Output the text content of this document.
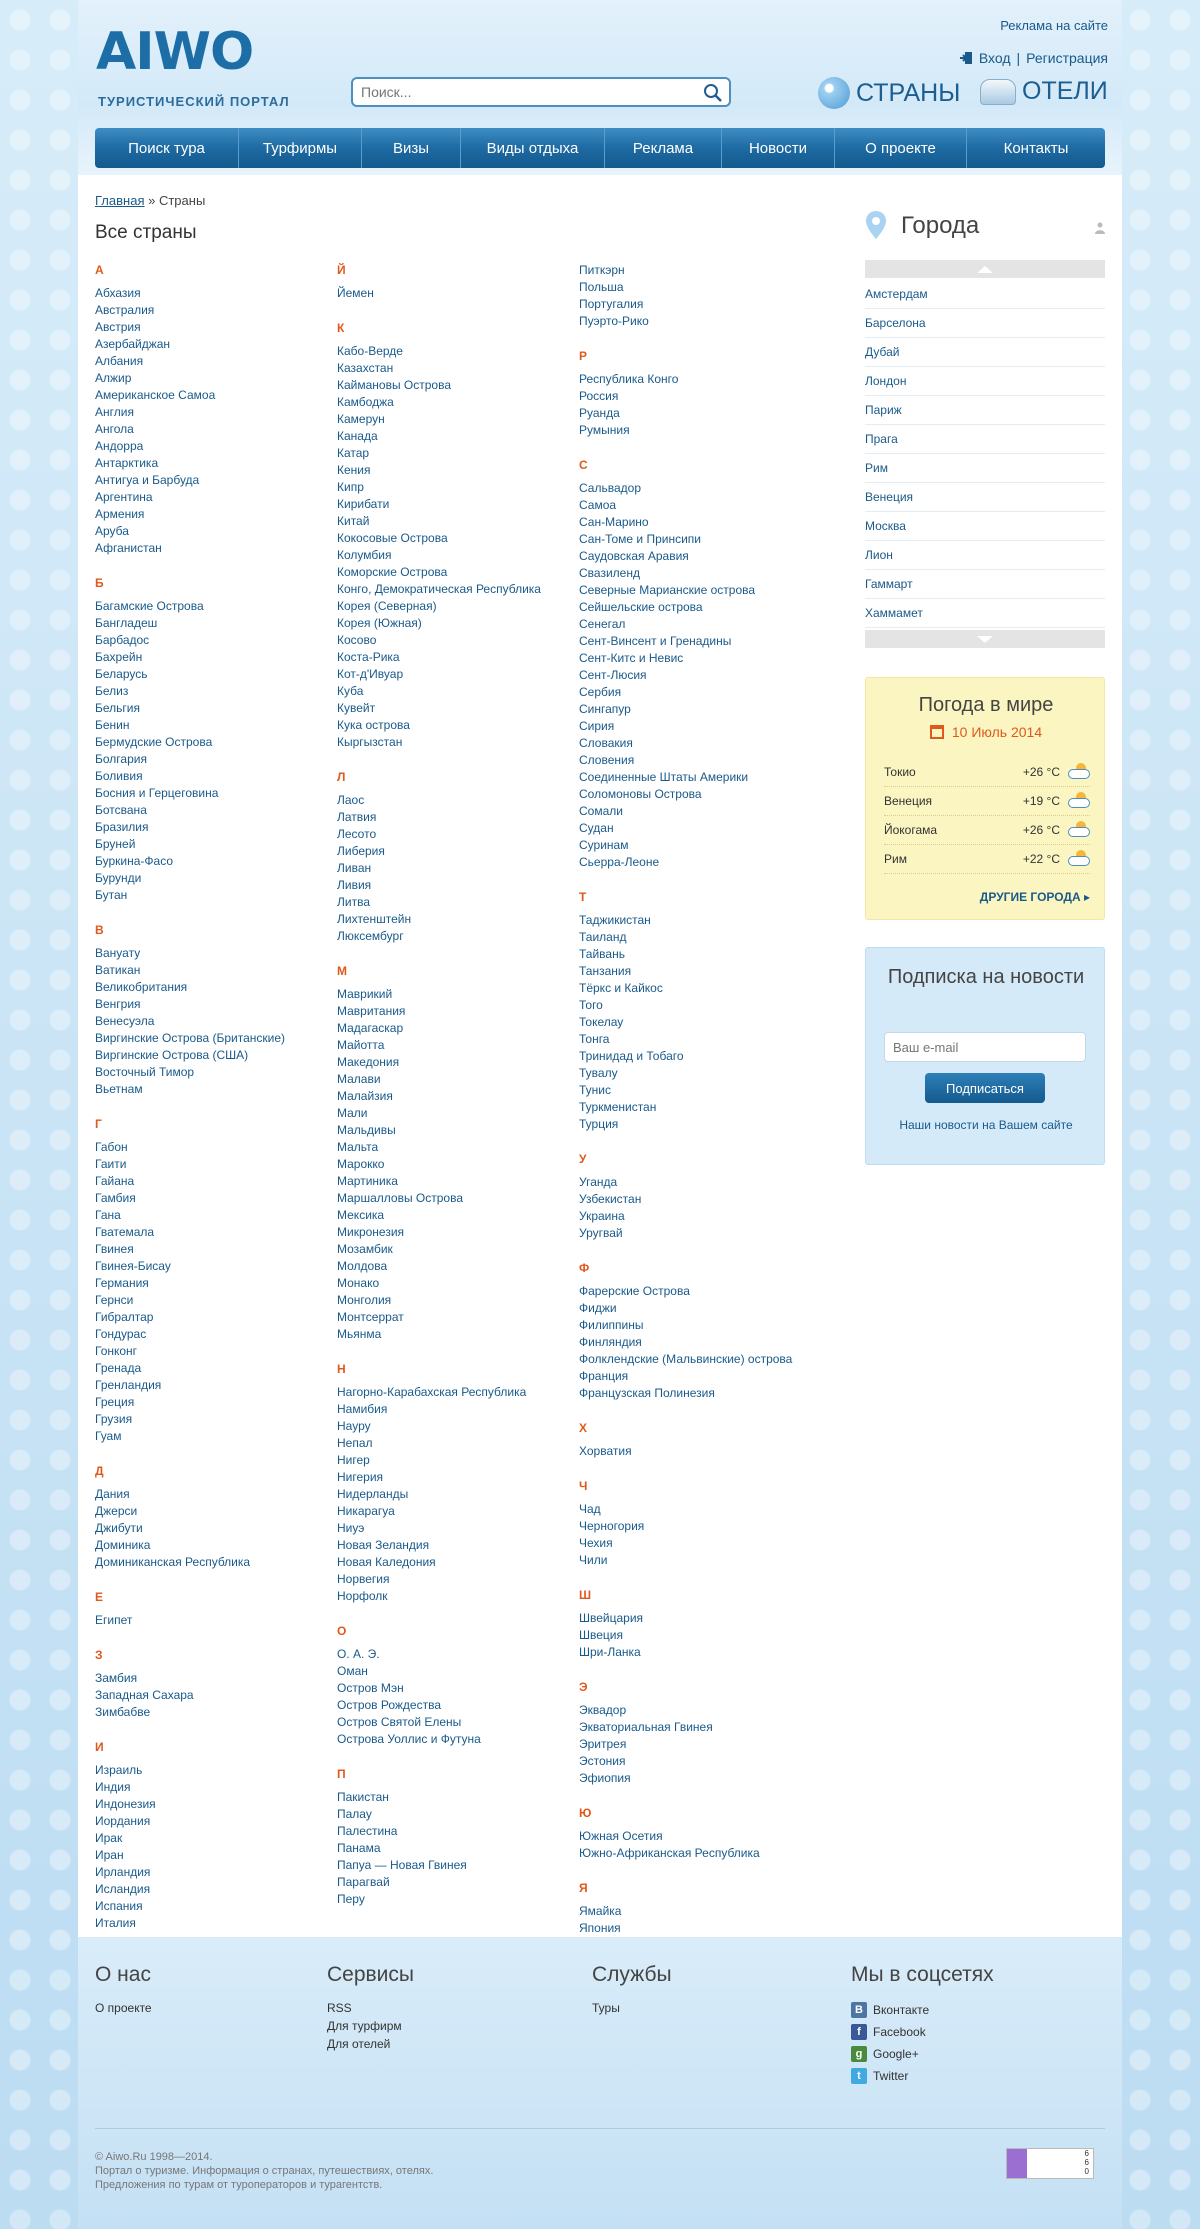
AIWO
ТУРИСТИЧЕСКИЙ ПОРТАЛ
Поиск...
Реклама на сайте
Вход | Регистрация
СТРАНЫ ОТЕЛИ
Поиск тура	Турфирмы	Визы	Виды отдыха	Реклама	Новости	О проекте	Контакты
Главная » Страны
Все страны
А
Абхазия
Австралия
Австрия
Азербайджан
Албания
Алжир
Американское Самоа
Англия
Ангола
Андорра
Антарктика
Антигуа и Барбуда
Аргентина
Армения
Аруба
Афганистан
Б
Багамские Острова
Бангладеш
Барбадос
Бахрейн
Беларусь
Белиз
Бельгия
Бенин
Бермудские Острова
Болгария
Боливия
Босния и Герцеговина
Ботсвана
Бразилия
Бруней
Буркина-Фасо
Бурунди
Бутан
В
Вануату
Ватикан
Великобритания
Венгрия
Венесуэла
Виргинские Острова (Британские)
Виргинские Острова (США)
Восточный Тимор
Вьетнам
Г
Габон
Гаити
Гайана
Гамбия
Гана
Гватемала
Гвинея
Гвинея-Бисау
Германия
Гернси
Гибралтар
Гондурас
Гонконг
Гренада
Гренландия
Греция
Грузия
Гуам
Д
Дания
Джерси
Джибути
Доминика
Доминиканская Республика
Е
Египет
З
Замбия
Западная Сахара
Зимбабве
И
Израиль
Индия
Индонезия
Иордания
Ирак
Иран
Ирландия
Исландия
Испания
Италия
Й
Йемен
К
Кабо-Верде
Казахстан
Каймановы Острова
Камбоджа
Камерун
Канада
Катар
Кения
Кипр
Кирибати
Китай
Кокосовые Острова
Колумбия
Коморские Острова
Конго, Демократическая Республика
Корея (Северная)
Корея (Южная)
Косово
Коста-Рика
Кот-д'Ивуар
Куба
Кувейт
Кука острова
Кыргызстан
Л
Лаос
Латвия
Лесото
Либерия
Ливан
Ливия
Литва
Лихтенштейн
Люксембург
М
Маврикий
Мавритания
Мадагаскар
Майотта
Македония
Малави
Малайзия
Мали
Мальдивы
Мальта
Марокко
Мартиника
Маршалловы Острова
Мексика
Микронезия
Мозамбик
Молдова
Монако
Монголия
Монтсеррат
Мьянма
Н
Нагорно-Карабахская Республика
Намибия
Науру
Непал
Нигер
Нигерия
Нидерланды
Никарагуа
Ниуэ
Новая Зеландия
Новая Каледония
Норвегия
Норфолк
О
О. А. Э.
Оман
Остров Мэн
Остров Рождества
Остров Святой Елены
Острова Уоллис и Футуна
П
Пакистан
Палау
Палестина
Панама
Папуа — Новая Гвинея
Парагвай
Перу
Питкэрн
Польша
Португалия
Пуэрто-Рико
Р
Республика Конго
Россия
Руанда
Румыния
С
Сальвадор
Самоа
Сан-Марино
Сан-Томе и Принсипи
Саудовская Аравия
Свазиленд
Северные Марианские острова
Сейшельские острова
Сенегал
Сент-Винсент и Гренадины
Сент-Китс и Невис
Сент-Люсия
Сербия
Сингапур
Сирия
Словакия
Словения
Соединенные Штаты Америки
Соломоновы Острова
Сомали
Судан
Суринам
Сьерра-Леоне
Т
Таджикистан
Таиланд
Тайвань
Танзания
Тёркс и Кайкос
Того
Токелау
Тонга
Тринидад и Тобаго
Тувалу
Тунис
Туркменистан
Турция
У
Уганда
Узбекистан
Украина
Уругвай
Ф
Фарерские Острова
Фиджи
Филиппины
Финляндия
Фолклендские (Мальвинские) острова
Франция
Французская Полинезия
Х
Хорватия
Ч
Чад
Черногория
Чехия
Чили
Ш
Швейцария
Швеция
Шри-Ланка
Э
Эквадор
Экваториальная Гвинея
Эритрея
Эстония
Эфиопия
Ю
Южная Осетия
Южно-Африканская Республика
Я
Ямайка
Япония
Города
Амстердам
Барселона
Дубай
Лондон
Париж
Прага
Рим
Венеция
Москва
Лион
Гаммарт
Хаммамет
Погода в мире
10 Июль 2014
Токио	+26 °C
Венеция	+19 °C
Йокогама	+26 °C
Рим	+22 °C
ДРУГИЕ ГОРОДА ▸
Подписка на новости
Ваш e-mail
Подписаться
Наши новости на Вашем сайте
О нас
О проекте
Сервисы
RSS
Для турфирм
Для отелей
Службы
Туры
Мы в соцсетях
В Вконтакте
f	Facebook
g Google+
t	Twitter
© Aiwo.Ru 1998—2014.
Портал о туризме. Информация о странах, путешествиях, отелях.
Предложения по турам от туроператоров и турагентств.
6
6
0
